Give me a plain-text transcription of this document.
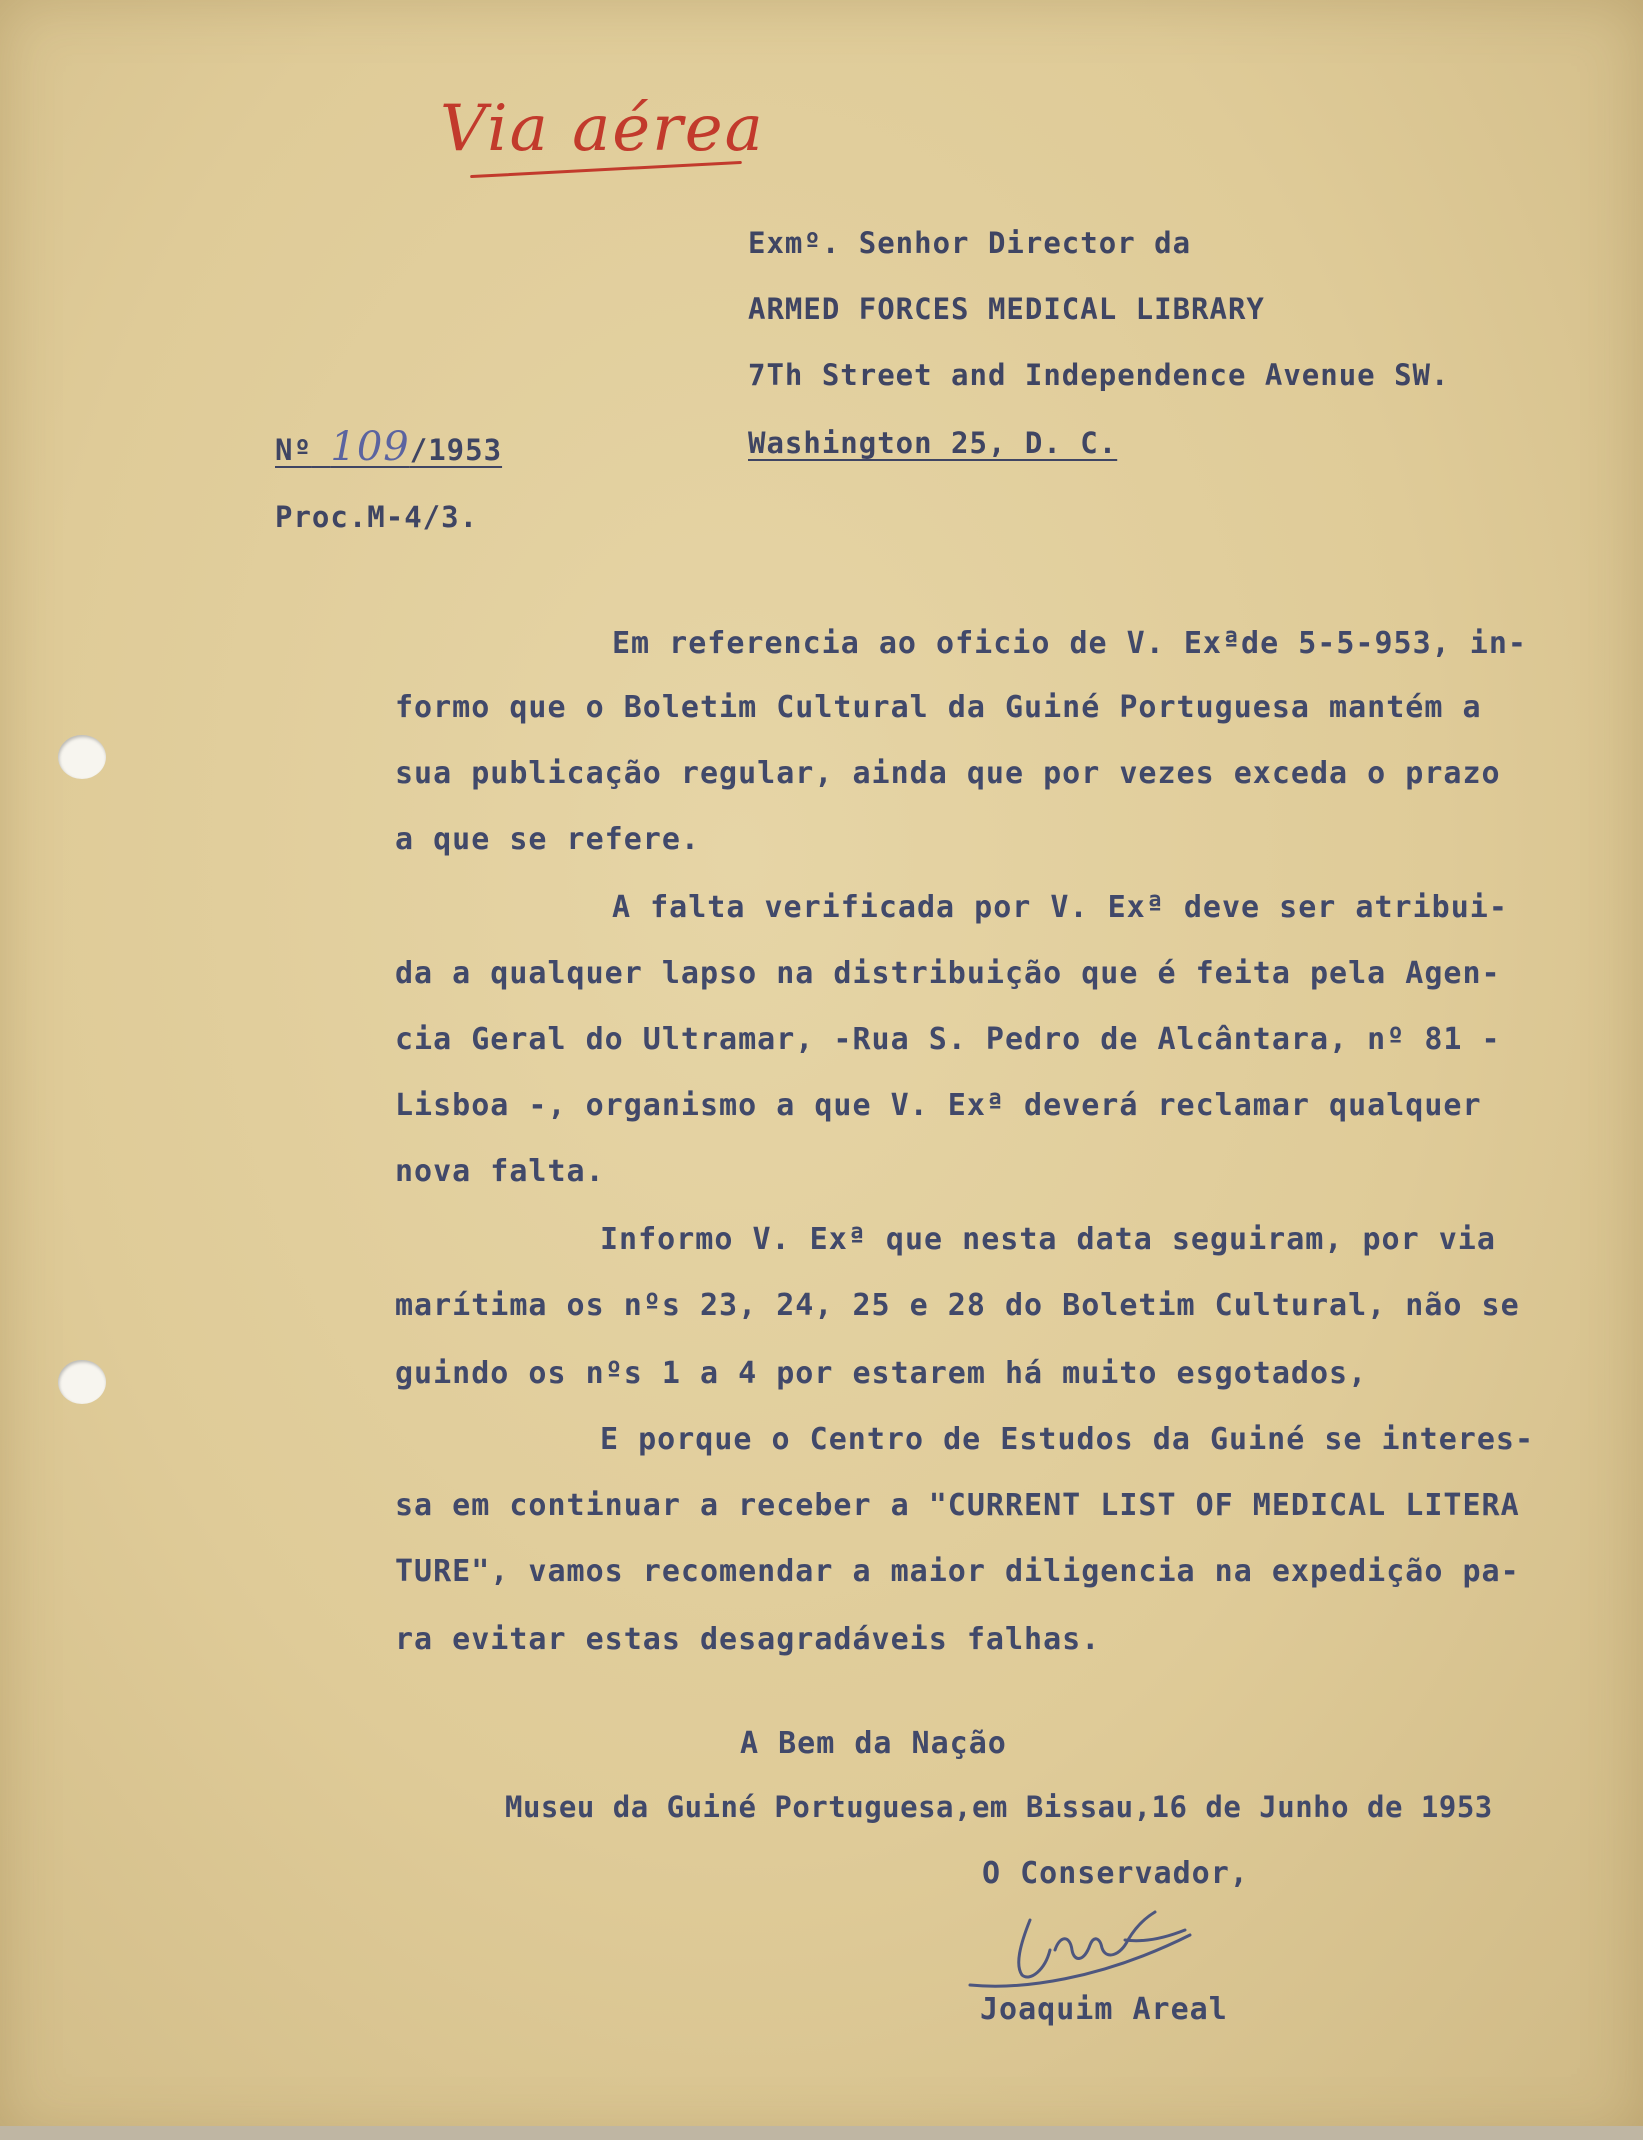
Via aérea
Exmº. Senhor Director da
ARMED FORCES MEDICAL LIBRARY
7Th Street and Independence Avenue SW.
Washington 25, D. C.
Nº 109/1953
Proc.M-4/3.
Em referencia ao oficio de V. Exªde 5-5-953, in-
formo que o Boletim Cultural da Guiné Portuguesa mantém a
sua publicação regular, ainda que por vezes exceda o prazo
a que se refere.
A falta verificada por V. Exª deve ser atribui-
da a qualquer lapso na distribuição que é feita pela Agen-
cia Geral do Ultramar, -Rua S. Pedro de Alcântara, nº 81 -
Lisboa -, organismo a que V. Exª deverá reclamar qualquer
nova falta.
Informo V. Exª que nesta data seguiram, por via
marítima os nºs 23, 24, 25 e 28 do Boletim Cultural, não se
guindo os nºs 1 a 4 por estarem há muito esgotados,
E porque o Centro de Estudos da Guiné se interes-
sa em continuar a receber a "CURRENT LIST OF MEDICAL LITERA
TURE", vamos recomendar a maior diligencia na expedição pa-
ra evitar estas desagradáveis falhas.
A Bem da Nação
Museu da Guiné Portuguesa,em Bissau,16 de Junho de 1953
O Conservador,
Joaquim Areal
